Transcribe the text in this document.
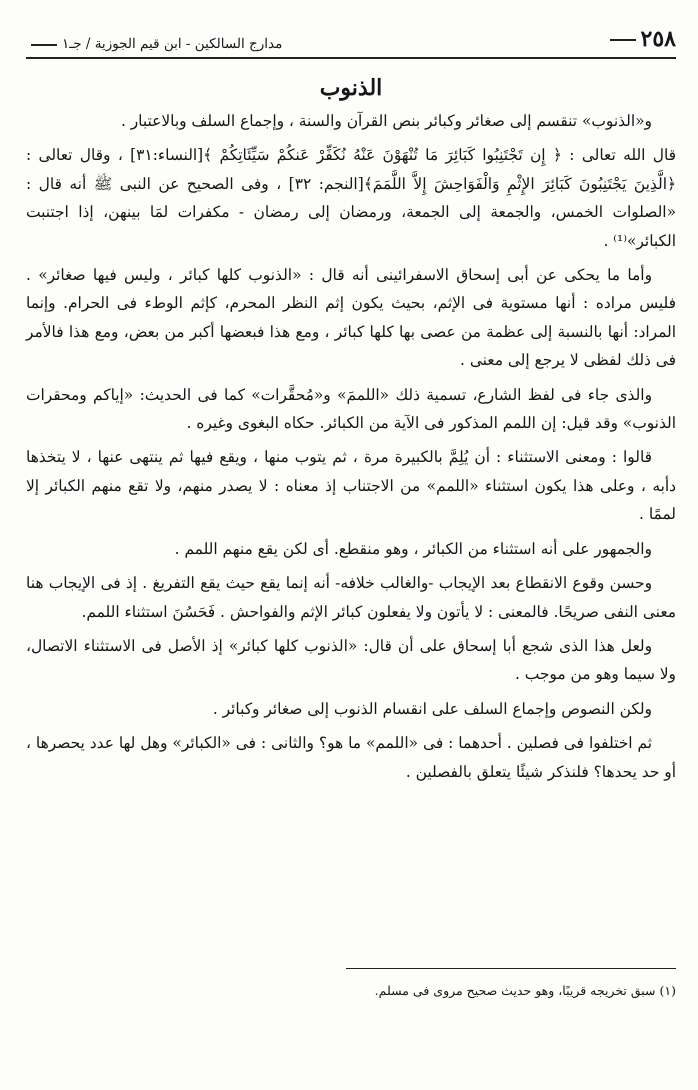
٢٥٨
مدارج السالكين - ابن قيم الجوزية / جـ١
الذنوب

و«الذنوب» تنقسم إلى صغائر وكبائر بنص القرآن والسنة ، وإجماع السلف وبالاعتبار .

قال الله تعالى : ﴿ إِن تَجْتَنِبُوا كَبَائِرَ مَا تُنْهَوْنَ عَنْهُ نُكَفِّرْ عَنكُمْ سَيِّئَاتِكُمْ ﴾[النساء:٣١] ، وقال تعالى : ﴿الَّذِينَ يَجْتَنِبُونَ كَبَائِرَ الإِثْمِ وَالْفَوَاحِشَ إِلاَّ اللَّمَمَ﴾[النجم: ٣٢] ، وفى الصحيح عن النبى ﷺ أنه قال : «الصلوات الخمس، والجمعة إلى الجمعة، ورمضان إلى رمضان - مكفرات لمَا بينهن، إذا اجتنبت الكبائر»⁽¹⁾ .

وأما ما يحكى عن أبى إسحاق الاسفرائينى أنه قال : «الذنوب كلها كبائر ، وليس فيها صغائر» . فليس مراده : أنها مستوية فى الإثم، بحيث يكون إثم النظر المحرم، كإثم الوطء فى الحرام. وإنما المراد: أنها بالنسبة إلى عظمة من عصى بها كلها كبائر ، ومع هذا فبعضها أكبر من بعض، ومع هذا فالأمر فى ذلك لفظى لا يرجع إلى معنى .

والذى جاء فى لفظ الشارع، تسمية ذلك «اللممَ» و«مُحقَّرات» كما فى الحديث: «إياكم ومحقرات الذنوب» وقد قيل: إن اللمم المذكور فى الآية من الكبائر. حكاه البغوى وغيره .

قالوا : ومعنى الاستثناء : أن يُلِمَّ بالكبيرة مرة ، ثم يتوب منها ، ويقع فيها ثم ينتهى عنها ، لا يتخذها دأبه ، وعلى هذا يكون استثناء «اللمم» من الاجتناب إذ معناه : لا يصدر منهم، ولا تقع منهم الكبائر إلا لممًا .

والجمهور على أنه استثناء من الكبائر ، وهو منقطع. أى لكن يقع منهم اللمم .

وحسن وقوع الانقطاع بعد الإيجاب -والغالب خلافه- أنه إنما يقع حيث يقع التفريغ . إذ فى الإيجاب هنا معنى النفى صريحًا. فالمعنى : لا يأتون ولا يفعلون كبائر الإثم والفواحش . فَحَسُنَ استثناء اللمم.

ولعل هذا الذى شجع أبا إسحاق على أن قال: «الذنوب كلها كبائر» إذ الأصل فى الاستثناء الاتصال، ولا سيما وهو من موجب .

ولكن النصوص وإجماع السلف على انقسام الذنوب إلى صغائر وكبائر .

ثم اختلفوا فى فصلين . أحدهما : فى «اللمم» ما هو؟ والثانى : فى «الكبائر» وهل لها عدد يحصرها ، أو حد يحدها؟ فلنذكر شيئًا يتعلق بالفصلين .

(١) سبق تخريجه قريبًا، وهو حديث صحيح مروى فى مسلم.
